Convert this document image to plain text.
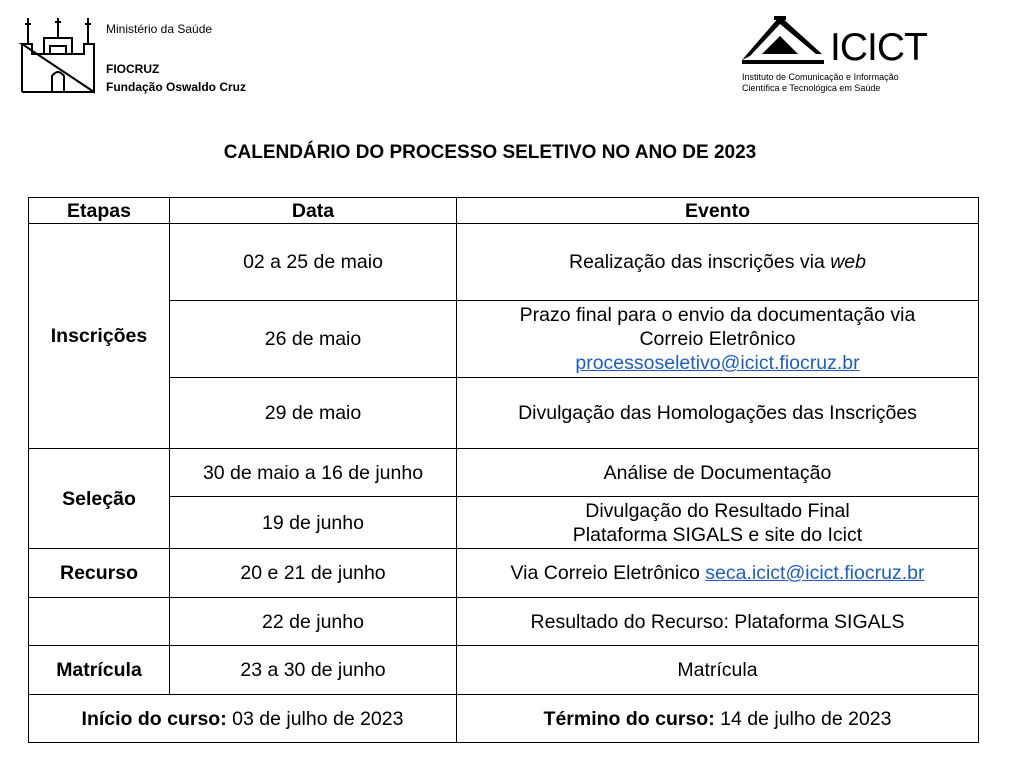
Ministério da Saúde
FIOCRUZ
Fundação Oswaldo Cruz
ICICT
Instituto de Comunicação e Informação
Científica e Tecnológica em Saúde
CALENDÁRIO DO PROCESSO SELETIVO NO ANO DE 2023
Etapas	Data	Evento
Inscrições	02 a 25 de maio	Realização das inscrições via web
	26 de maio	Prazo final para o envio da documentação via
Correio Eletrônico
processoseletivo@icict.fiocruz.br

	29 de maio	Divulgação das Homologações das Inscrições
Seleção	30 de maio a 16 de junho	Análise de Documentação
	19 de junho	Divulgação do Resultado Final
Plataforma SIGALS e site do Icict

Recurso	20 e 21 de junho	Via Correio Eletrônico seca.icict@icict.fiocruz.br
	22 de junho	Resultado do Recurso: Plataforma SIGALS
Matrícula	23 a 30 de junho	Matrícula
Início do curso: 03 de julho de 2023		Término do curso: 14 de julho de 2023
